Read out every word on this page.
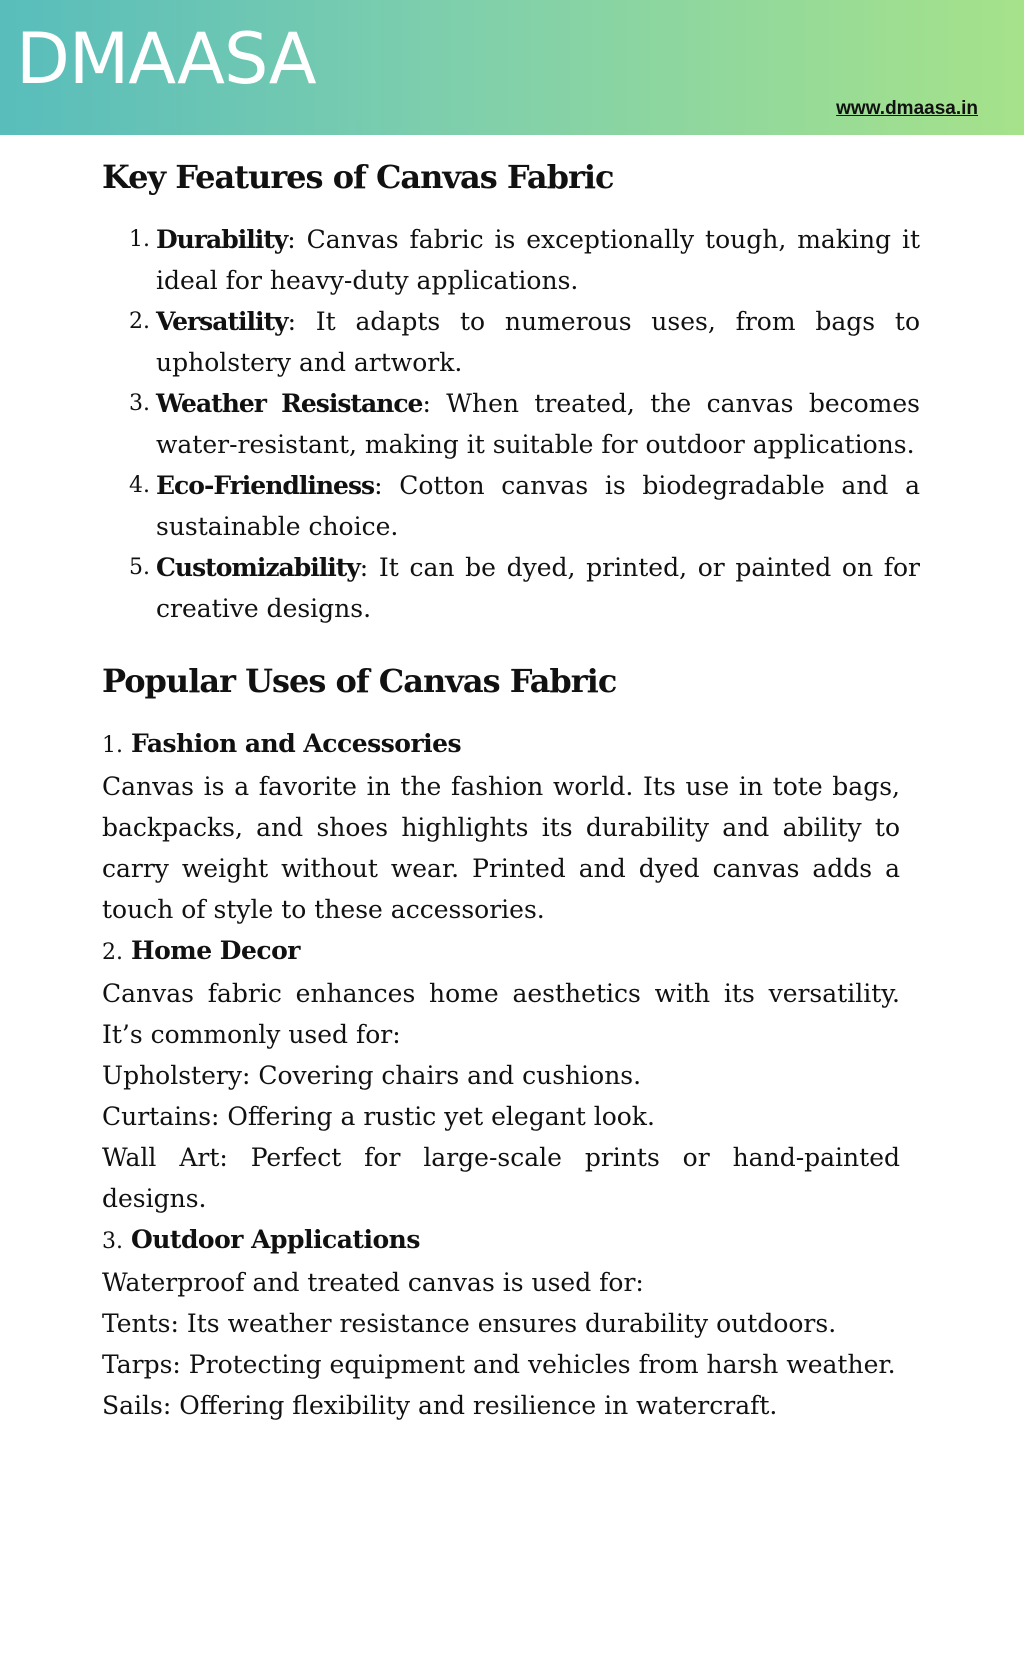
DMAASA
www.dmaasa.in
Key Features of Canvas Fabric
1. Durability: Canvas fabric is exceptionally tough, making it ideal for heavy-duty applications.
2. Versatility: It adapts to numerous uses, from bags to upholstery and artwork.
3. Weather Resistance: When treated, the canvas becomes water-resistant, making it suitable for outdoor applications.
4. Eco-Friendliness: Cotton canvas is biodegradable and a sustainable choice.
5. Customizability: It can be dyed, printed, or painted on for creative designs.
Popular Uses of Canvas Fabric

1. Fashion and Accessories

Canvas is a favorite in the fashion world. Its use in tote bags, backpacks, and shoes highlights its durability and ability to carry weight without wear. Printed and dyed canvas adds a touch of style to these accessories.

2. Home Decor

Canvas fabric enhances home aesthetics with its versatility. It’s commonly used for:

Upholstery: Covering chairs and cushions.

Curtains: Offering a rustic yet elegant look.

Wall Art: Perfect for large-scale prints or hand-painted designs.

3. Outdoor Applications

Waterproof and treated canvas is used for:

Tents: Its weather resistance ensures durability outdoors.

Tarps: Protecting equipment and vehicles from harsh weather.

Sails: Offering flexibility and resilience in watercraft.
